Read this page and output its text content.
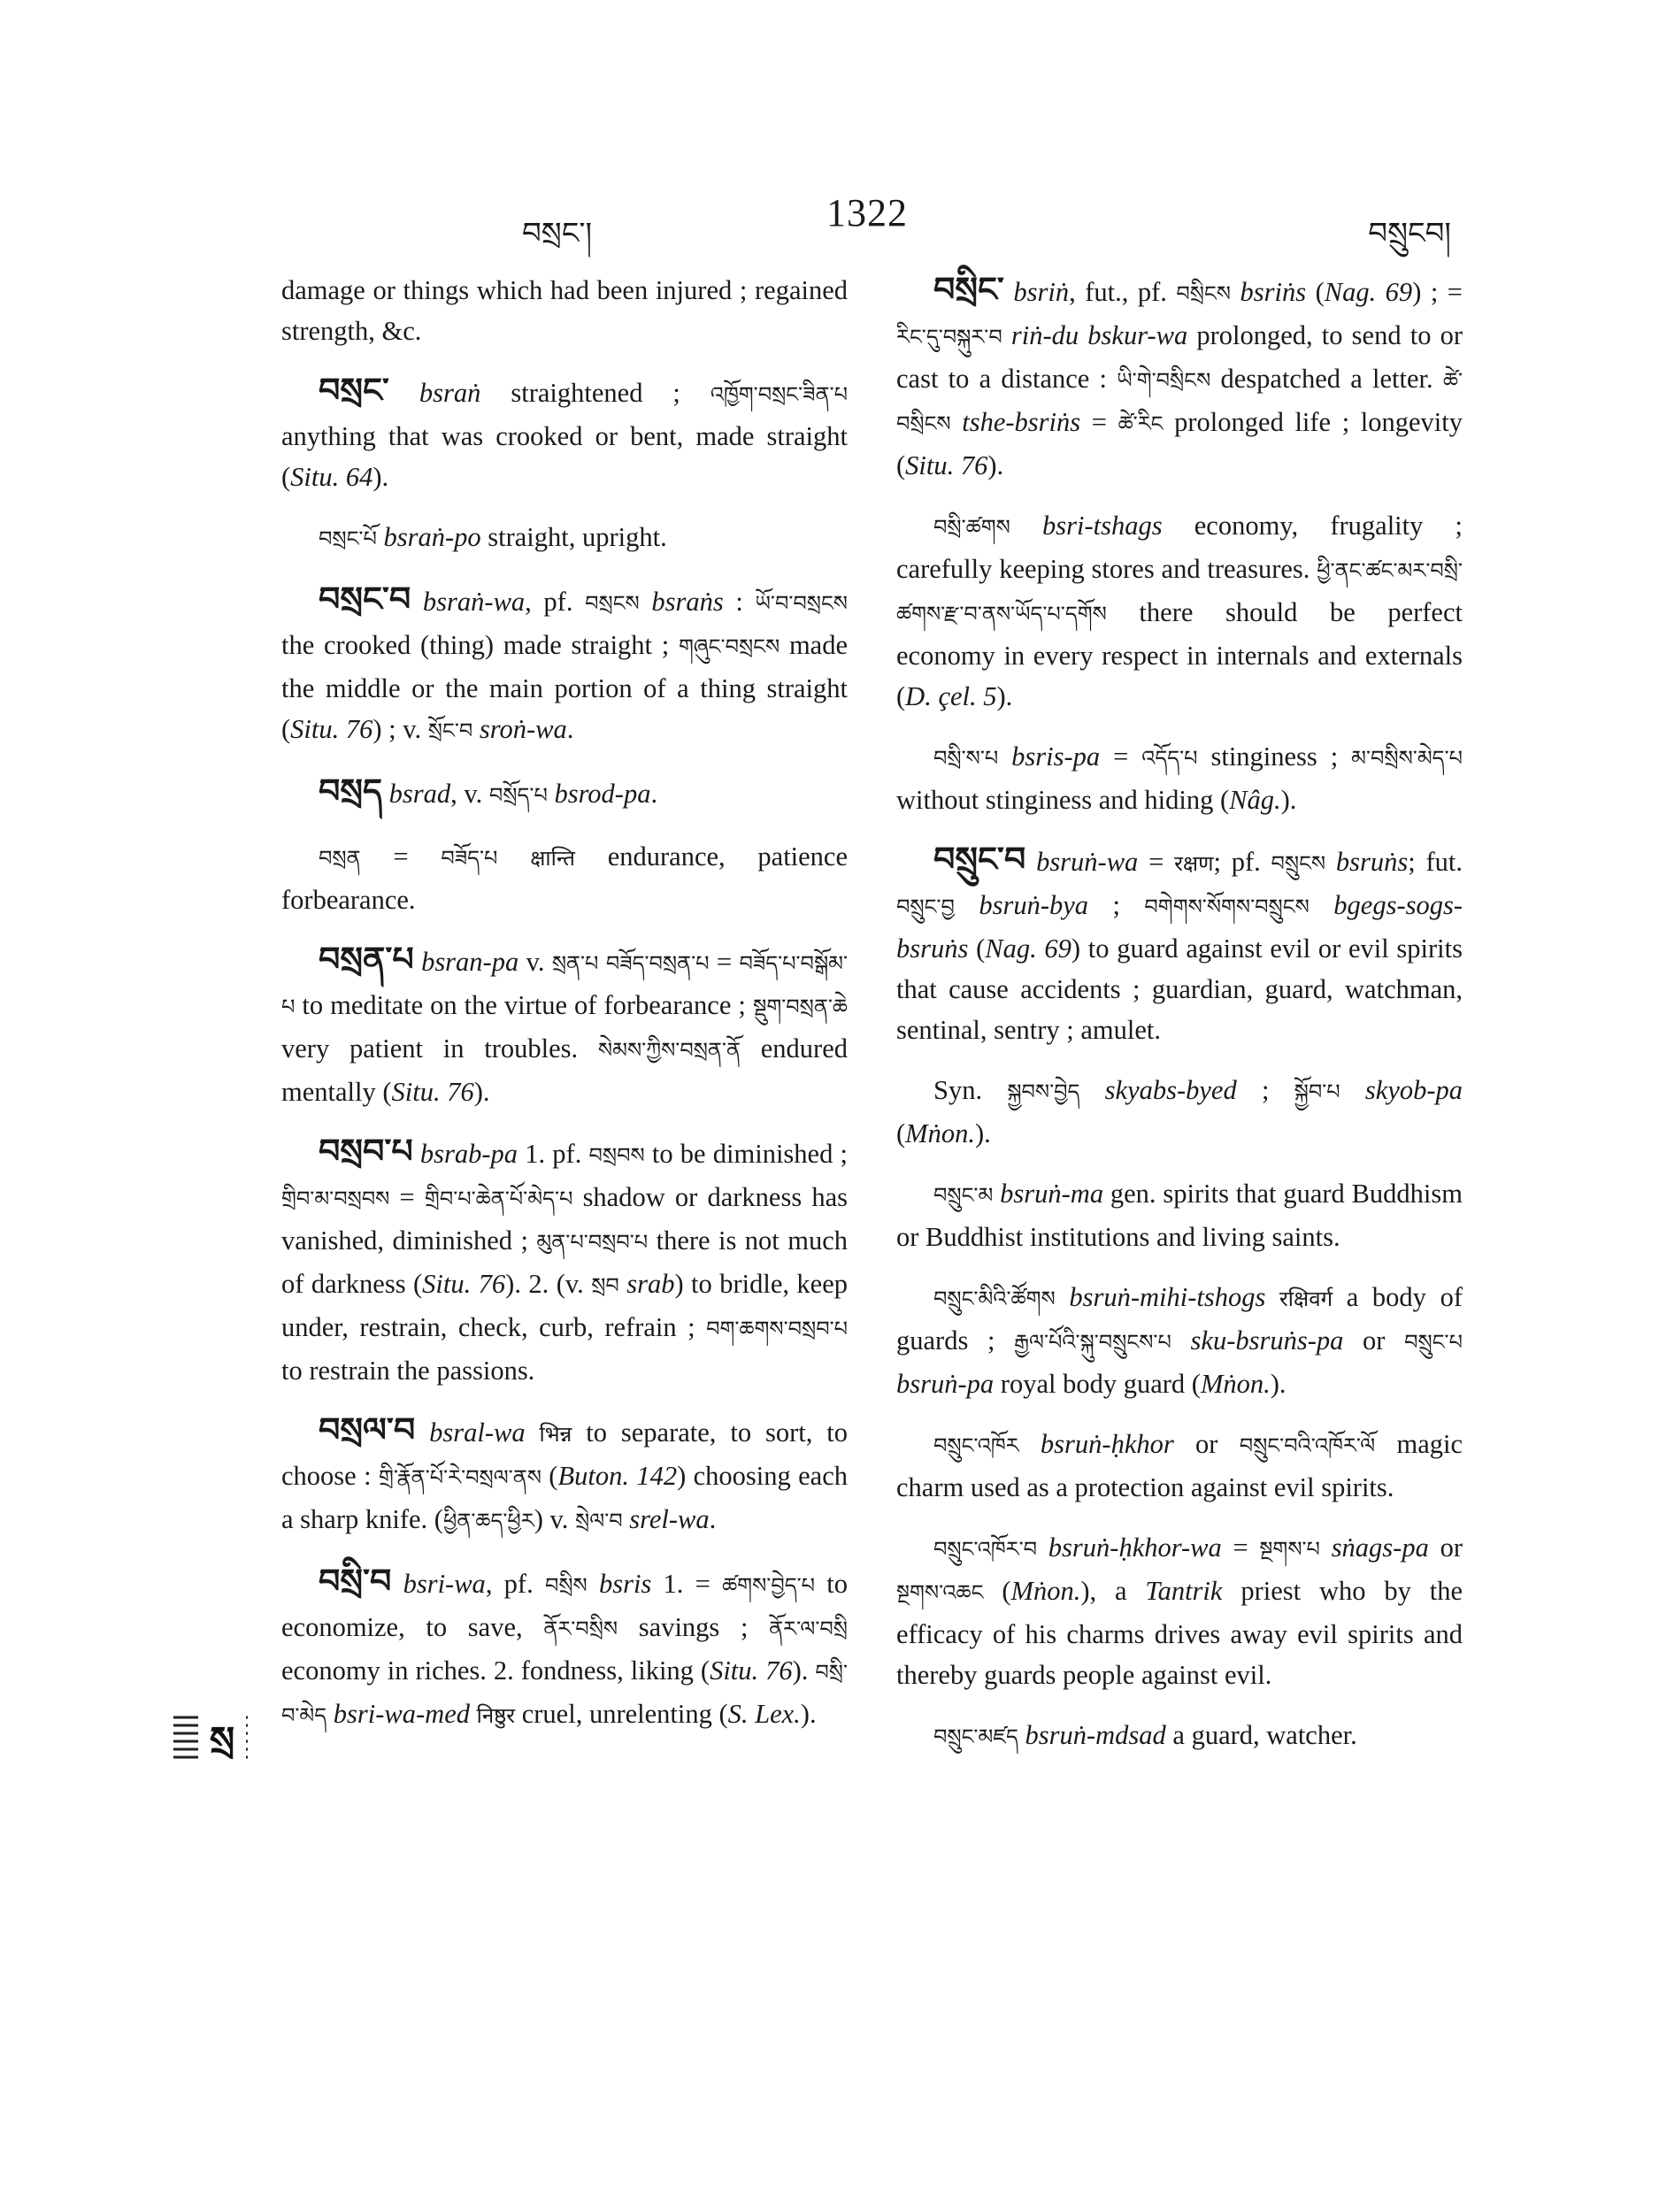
བསྲང་།	1322	བསྲུངབ།

damage or things which had been injured ; regained strength, &c.

བསྲང་ bsraṅ straightened ; འཁྱོག་བསྲང་ཟིན་པ anything that was crooked or bent, made straight (Situ. 64).

བསྲང་པོ bsraṅ-po straight, upright.

བསྲང་བ bsraṅ-wa, pf. བསྲངས bsraṅs : ཡོ་བ་བསྲངས the crooked (thing) made straight ; གཞུང་བསྲངས made the middle or the main portion of a thing straight (Situ. 76) ; v. སྲོང་བ sroṅ-wa.

བསྲད bsrad, v. བསྲོད་པ bsrod-pa.

བསྲན = བཟོད་པ क्षान्ति endurance, patience forbearance.

བསྲན་པ bsran-pa v. སྲན་པ བཟོད་བསྲན་པ = བཟོད་པ་བསྒོམ་པ to meditate on the virtue of forbearance ; སྡུག་བསྲན་ཆེ very patient in troubles. སེམས་ཀྱིས་བསྲན་ནོ endured mentally (Situ. 76).

བསྲབ་པ bsrab-pa 1. pf. བསྲབས to be diminished ; གྲིབ་མ་བསྲབས = གྲིབ་པ་ཆེན་པོ་མེད་པ shadow or darkness has vanished, diminished ; མུན་པ་བསྲབ་པ there is not much of darkness (Situ. 76). 2. (v. སྲབ srab) to bridle, keep under, restrain, check, curb, refrain ; བག་ཆགས་བསྲབ་པ to restrain the passions.

བསྲལ་བ bsral-wa भिन्न to separate, to sort, to choose : གྲི་རྣོན་པོ་རེ་བསྲལ་ནས (Buton. 142) choosing each a sharp knife. (ཕྱིན་ཆད་ཕྱིར) v. སྲེལ་བ srel-wa.

བསྲི་བ bsri-wa, pf. བསྲིས bsris 1. = ཚགས་བྱེད་པ to economize, to save, ནོར་བསྲིས savings ; ནོར་ལ་བསྲི economy in riches. 2. fondness, liking (Situ. 76). བསྲི་བ་མེད bsri-wa-med निष्ठुर cruel, unrelenting (S. Lex.).

བསྲིང་ bsriṅ, fut., pf. བསྲིངས bsriṅs (Nag. 69) ; = རིང་དུ་བསྐུར་བ riṅ-du bskur-wa prolonged, to send to or cast to a distance : ཡི་གེ་བསྲིངས despatched a letter. ཚེ་བསྲིངས tshe-bsriṅs = ཚེ་རིང prolonged life ; longevity (Situ. 76).

བསྲི་ཚགས bsri-tshags economy, frugality ; carefully keeping stores and treasures. ཕྱི་ནང་ཚང་མར་བསྲི་ཚགས་རྫ་བ་ནས་ཡོད་པ་དགོས there should be perfect economy in every respect in internals and externals (D. çel. 5).

བསྲི་ས་པ bsris-pa = འདོད་པ stinginess ; མ་བསྲིས་མེད་པ without stinginess and hiding (Nâg.).

བསྲུང་བ bsruṅ-wa = रक्षण; pf. བསྲུངས bsruṅs; fut. བསྲུང་བྱ bsruṅ-bya ; བགེགས་སོགས་བསྲུངས bgegs-sogs-bsruṅs (Nag. 69) to guard against evil or evil spirits that cause accidents ; guardian, guard, watchman, sentinal, sentry ; amulet.

Syn. སྐྱབས་བྱེད skyabs-byed ; སྐྱོབ་པ skyob-pa (Mṅon.).

བསྲུང་མ bsruṅ-ma gen. spirits that guard Buddhism or Buddhist institutions and living saints.

བསྲུང་མིའི་ཚོགས bsruṅ-mihi-tshogs रक्षिवर्ग a body of guards ; རྒྱལ་པོའི་སྐུ་བསྲུངས་པ sku-bsruṅs-pa or བསྲུང་པ bsruṅ-pa royal body guard (Mṅon.).

བསྲུང་འཁོར bsruṅ-ḥkhor or བསྲུང་བའི་འཁོར་ལོ magic charm used as a protection against evil spirits.

བསྲུང་འཁོར་བ bsruṅ-ḥkhor-wa = སྔགས་པ sṅags-pa or སྔགས་འཆང (Mṅon.), a Tantrik priest who by the efficacy of his charms drives away evil spirits and thereby guards people against evil.

བསྲུང་མཛད bsruṅ-mdsad a guard, watcher.

སྲ
